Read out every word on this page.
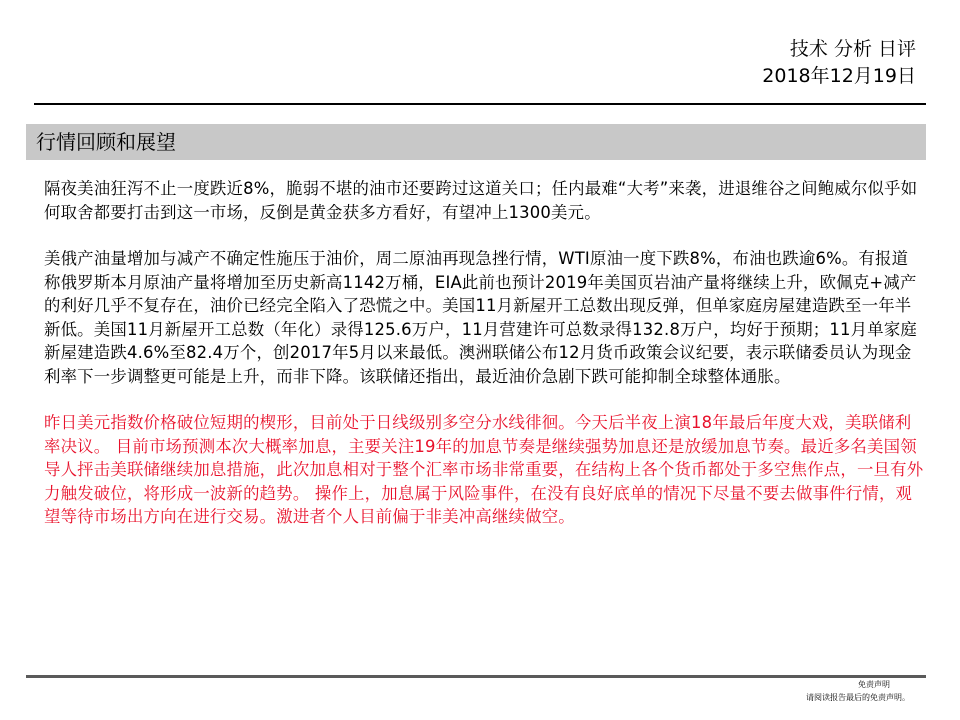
技术 分析 日评
2018年12月19日
行情回顾和展望

隔夜美油狂泻不止一度跌近8%，脆弱不堪的油市还要跨过这道关口；任内最难“大考”来袭，进退维谷之间鲍威尔似乎如何取舍都要打击到这一市场，反倒是黄金获多方看好，有望冲上1300美元。

美俄产油量增加与减产不确定性施压于油价，周二原油再现急挫行情，WTI原油一度下跌8%，布油也跌逾6%。有报道称俄罗斯本月原油产量将增加至历史新高1142万桶，EIA此前也预计2019年美国页岩油产量将继续上升，欧佩克+减产的利好几乎不复存在，油价已经完全陷入了恐慌之中。美国11月新屋开工总数出现反弹，但单家庭房屋建造跌至一年半新低。美国11月新屋开工总数（年化）录得125.6万户，11月营建许可总数录得132.8万户，均好于预期；11月单家庭新屋建造跌4.6%至82.4万个，创2017年5月以来最低。澳洲联储公布12月货币政策会议纪要，表示联储委员认为现金利率下一步调整更可能是上升，而非下降。该联储还指出，最近油价急剧下跌可能抑制全球整体通胀。

昨日美元指数价格破位短期的楔形，目前处于日线级别多空分水线徘徊。今天后半夜上演18年最后年度大戏，美联储利率决议。 目前市场预测本次大概率加息，主要关注19年的加息节奏是继续强势加息还是放缓加息节奏。最近多名美国领导人抨击美联储继续加息措施，此次加息相对于整个汇率市场非常重要，在结构上各个货币都处于多空焦作点，一旦有外力触发破位，将形成一波新的趋势。 操作上，加息属于风险事件，在没有良好底单的情况下尽量不要去做事件行情，观望等待市场出方向在进行交易。激进者个人目前偏于非美冲高继续做空。

免责声明
请阅读报告最后的免责声明。
